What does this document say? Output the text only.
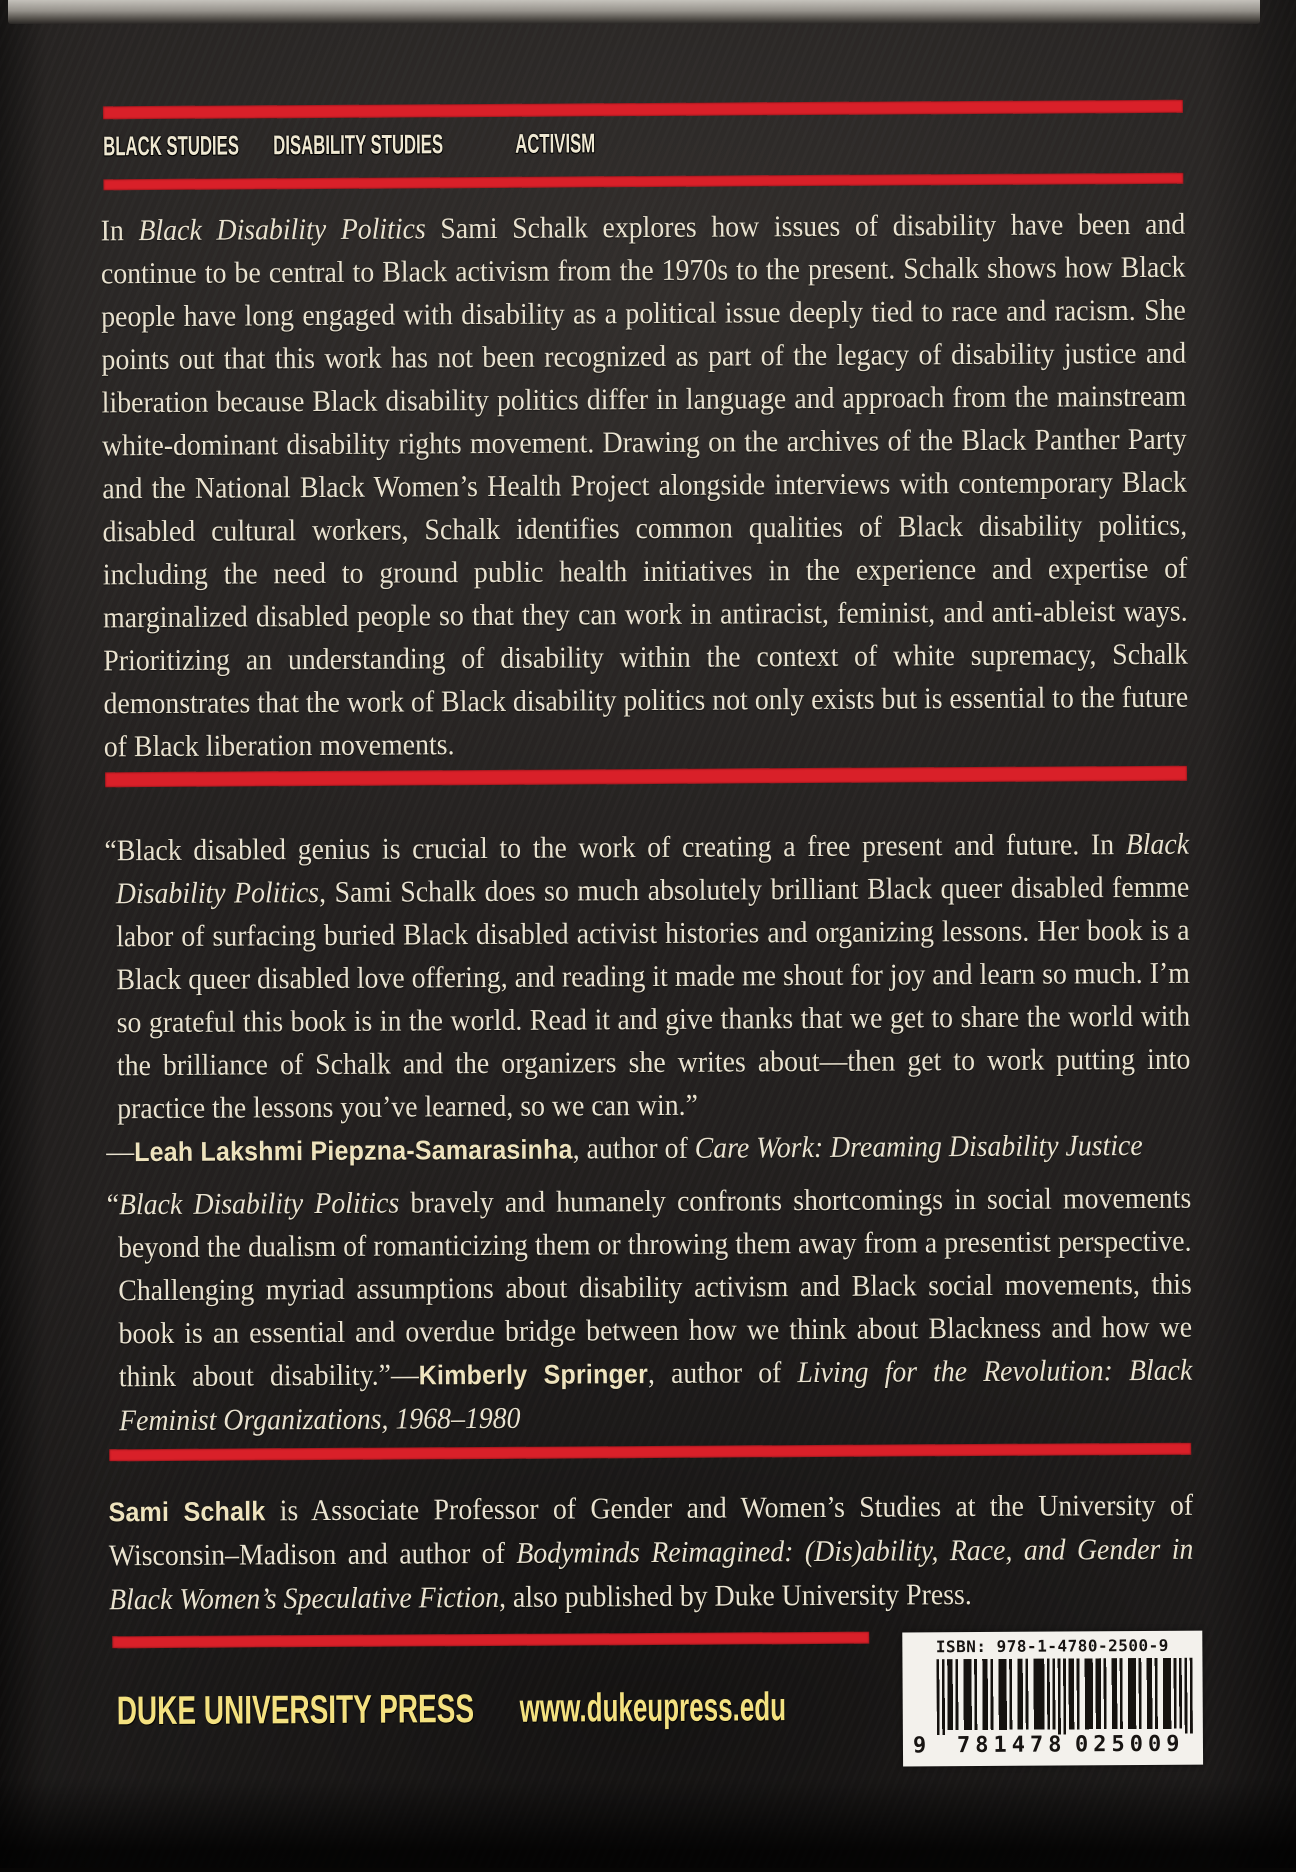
BLACK STUDIES DISABILITY STUDIES	ACTIVISM

In Black Disability Politics Sami Schalk explores how issues of disability have been and continue to be central to Black activism from the 1970s to the present. Schalk shows how Black people have long engaged with disability as a political issue deeply tied to race and racism. She points out that this work has not been recognized as part of the legacy of disability justice and liberation because Black disability politics differ in language and approach from the mainstream white-dominant disability rights movement. Drawing on the archives of the Black Panther Party and the National Black Women’s Health Project alongside interviews with contemporary Black disabled cultural workers, Schalk identifies common qualities of Black disability politics, including the need to ground public health initiatives in the experience and expertise of marginalized disabled people so that they can work in antiracist, feminist, and anti-ableist ways. Prioritizing an understanding of disability within the context of white supremacy, Schalk demonstrates that the work of Black disability politics not only exists but is essential to the future of Black liberation movements.

“Black disabled genius is crucial to the work of creating a free present and future. In Black Disability Politics, Sami Schalk does so much absolutely brilliant Black queer disabled femme labor of surfacing buried Black disabled activist histories and organizing lessons. Her book is a Black queer disabled love offering, and reading it made me shout for joy and learn so much. I’m so grateful this book is in the world. Read it and give thanks that we get to share the world with the brilliance of Schalk and the organizers she writes about—then get to work putting into practice the lessons you’ve learned, so we can win.”

—Leah Lakshmi Piepzna-Samarasinha, author of Care Work: Dreaming Disability Justice

“Black Disability Politics bravely and humanely confronts shortcomings in social movements beyond the dualism of romanticizing them or throwing them away from a presentist perspective. Challenging myriad assumptions about disability activism and Black social movements, this book is an essential and overdue bridge between how we think about Blackness and how we think about disability.”—Kimberly Springer, author of Living for the Revolution: Black Feminist Organizations, 1968–1980

Sami Schalk is Associate Professor of Gender and Women’s Studies at the University of Wisconsin–Madison and author of Bodyminds Reimagined: (Dis)ability, Race, and Gender in Black Women’s Speculative Fiction, also published by Duke University Press.

DUKE UNIVERSITY PRESS www.dukeupress.edu
ISBN: 978-1-4780-2500-9
9 781478 025009
